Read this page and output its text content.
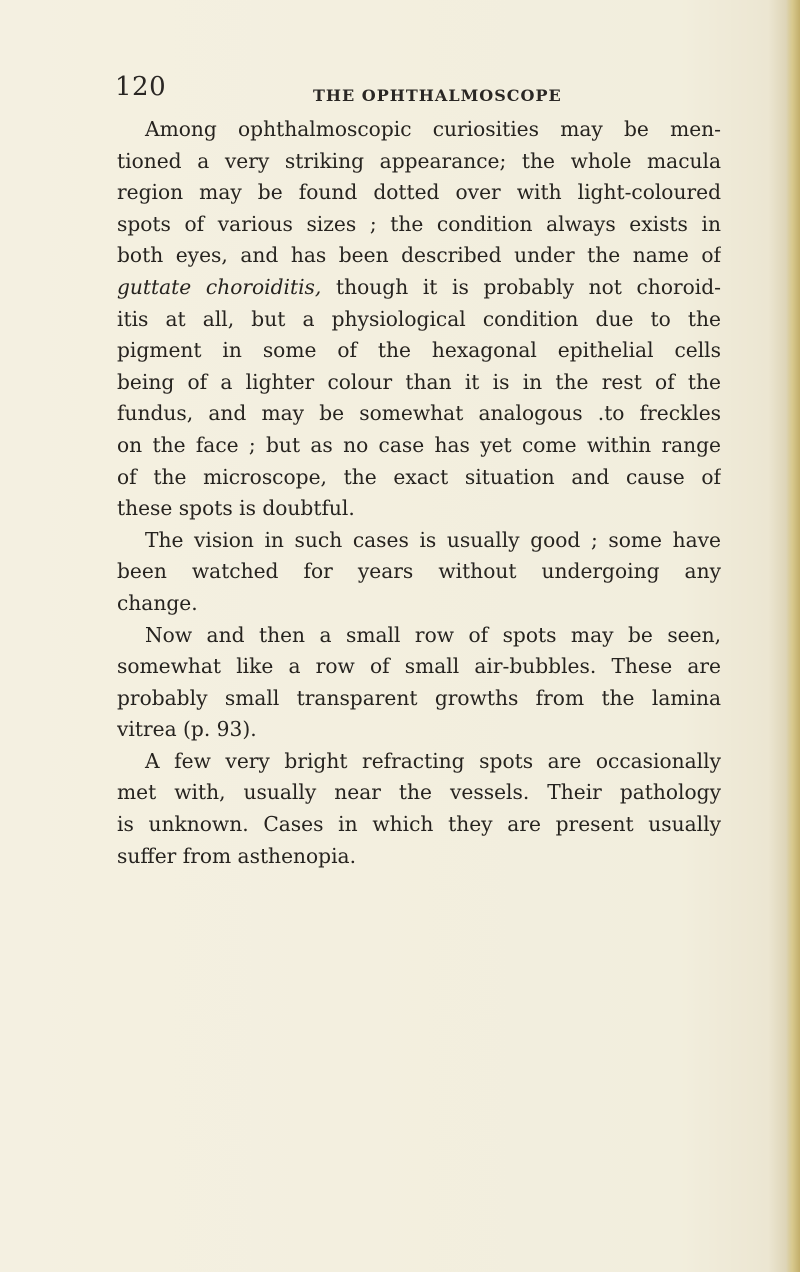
120	THE OPHTHALMOSCOPE
Among ophthalmoscopic curiosities may be men-
tioned a very striking appearance; the whole macula
region may be found dotted over with light-coloured
spots of various sizes ; the condition always exists in
both eyes, and has been described under the name of
guttate choroiditis, though it is probably not choroid-
itis at all, but a physiological condition due to the
pigment in some of the hexagonal epithelial cells
being of a lighter colour than it is in the rest of the
fundus, and may be somewhat analogous .to freckles
on the face ; but as no case has yet come within range
of the microscope, the exact situation and cause of
these spots is doubtful.
The vision in such cases is usually good ; some have
been watched for years without undergoing any
change.
Now and then a small row of spots may be seen,
somewhat like a row of small air-bubbles. These are
probably small transparent growths from the lamina
vitrea (p. 93).
A few very bright refracting spots are occasionally
met with, usually near the vessels. Their pathology
is unknown. Cases in which they are present usually
suffer from asthenopia.
